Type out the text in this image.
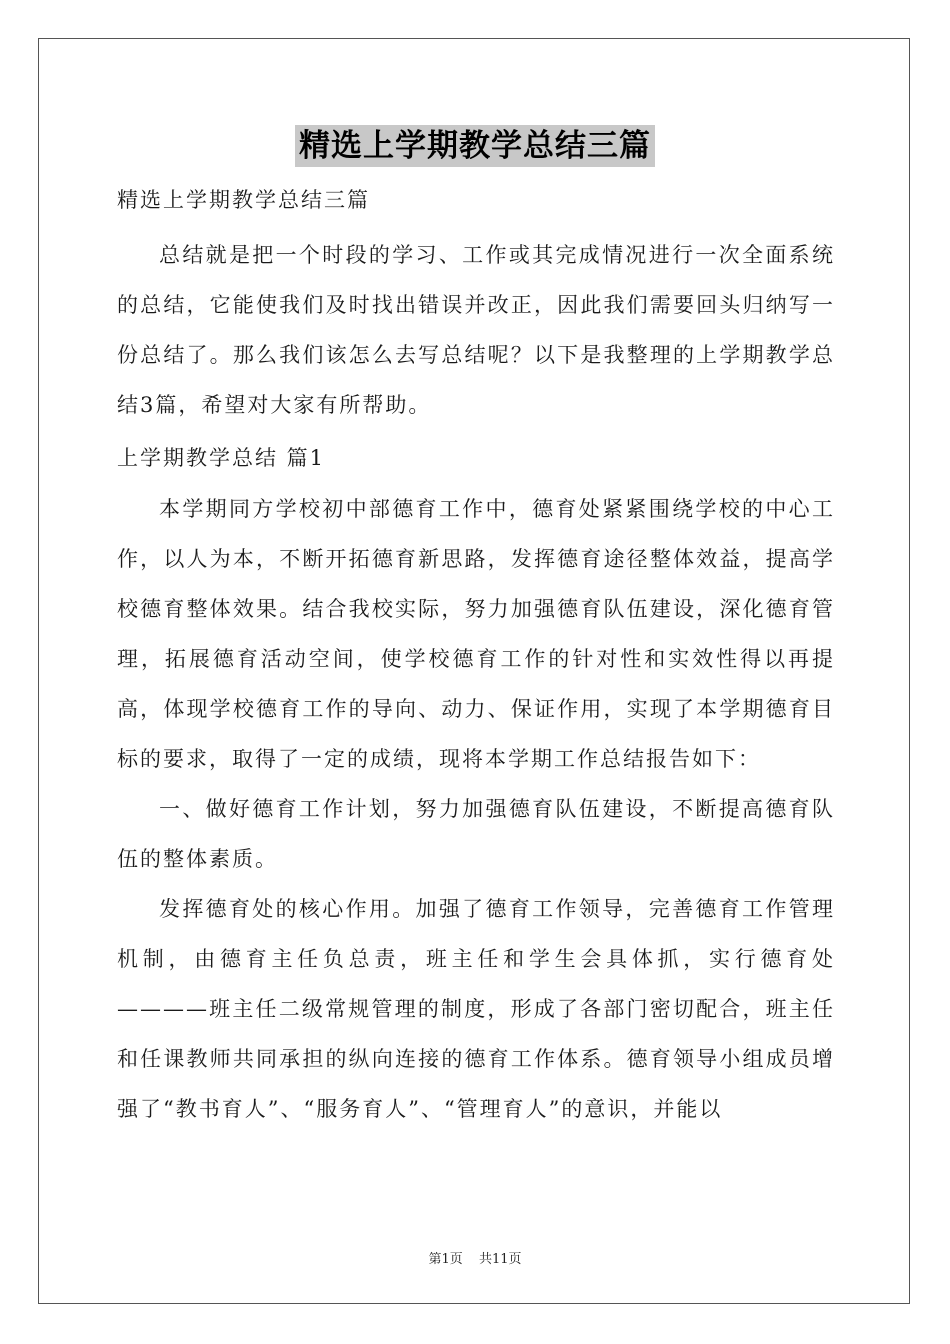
精选上学期教学总结三篇
精选上学期教学总结三篇
总结就是把一个时段的学习、工作或其完成情况进行一次全面系统的总结，它能使我们及时找出错误并改正，因此我们需要回头归纳写一份总结了。那么我们该怎么去写总结呢？以下是我整理的上学期教学总结3篇，希望对大家有所帮助。
上学期教学总结 篇1
本学期同方学校初中部德育工作中，德育处紧紧围绕学校的中心工作，以人为本，不断开拓德育新思路，发挥德育途径整体效益，提高学校德育整体效果。结合我校实际，努力加强德育队伍建设，深化德育管理，拓展德育活动空间，使学校德育工作的针对性和实效性得以再提高，体现学校德育工作的导向、动力、保证作用，实现了本学期德育目标的要求，取得了一定的成绩，现将本学期工作总结报告如下：
一、做好德育工作计划，努力加强德育队伍建设，不断提高德育队伍的整体素质。
发挥德育处的核心作用。加强了德育工作领导，完善德育工作管理机制，由德育主任负总责，班主任和学生会具体抓，实行德育处————班主任二级常规管理的制度，形成了各部门密切配合，班主任和任课教师共同承担的纵向连接的德育工作体系。德育领导小组成员增强了“教书育人”、“服务育人”、“管理育人”的意识，并能以
第1页 共11页
